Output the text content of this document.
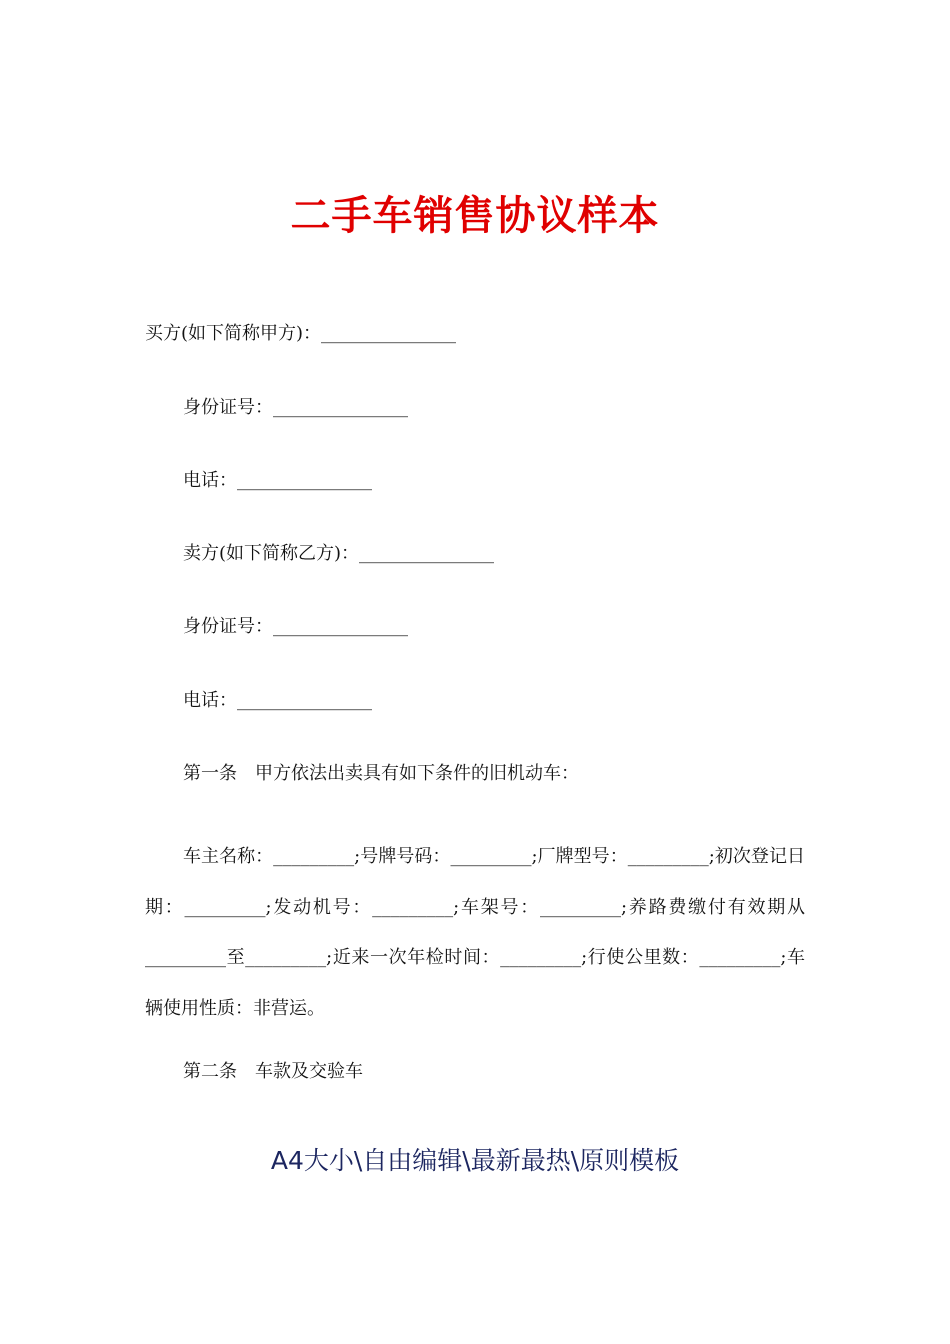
二手车销售协议样本
买方(如下简称甲方)：_______________
身份证号：_______________
电话：_______________
卖方(如下简称乙方)：_______________
身份证号：_______________
电话：_______________
第一条　甲方依法出卖具有如下条件的旧机动车：
车主名称：_________;号牌号码：_________;厂牌型号：_________;初次登记日期：_________;发动机号：_________;车架号：_________;养路费缴付有效期从_________至_________;近来一次年检时间：_________;行使公里数：_________;车辆使用性质：非营运。
第二条　车款及交验车
A4大小\自由编辑\最新最热\原则模板
